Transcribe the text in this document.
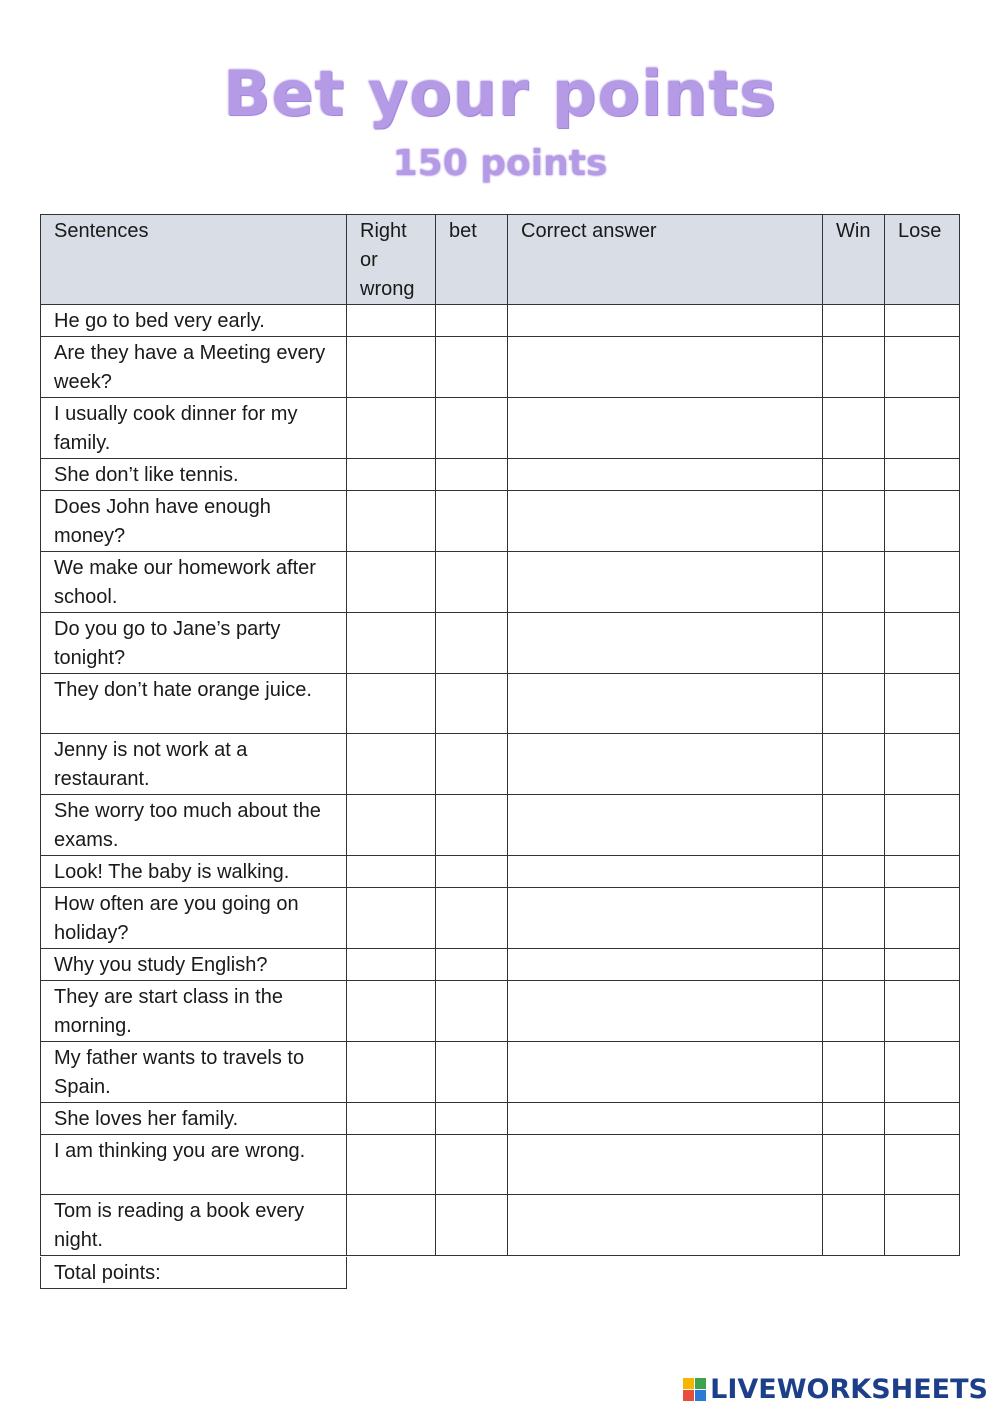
Bet your points
150 points
Sentences	Right or wrong	bet	Correct answer	Win	Lose
He go to bed very early.					
Are they have a Meeting every week?					
I usually cook dinner for my family.					
She don’t like tennis.					
Does John have enough money?					
We make our homework after school.					
Do you go to Jane’s party tonight?					
They don’t hate orange juice.					
Jenny is not work at a restaurant.					
She worry too much about the exams.					
Look! The baby is walking.					
How often are you going on holiday?					
Why you study English?					
They are start class in the morning.					
My father wants to travels to Spain.					
She loves her family.					
I am thinking you are wrong.					
Tom is reading a book every night.					
Total points:
LIVEWORKSHEETS
